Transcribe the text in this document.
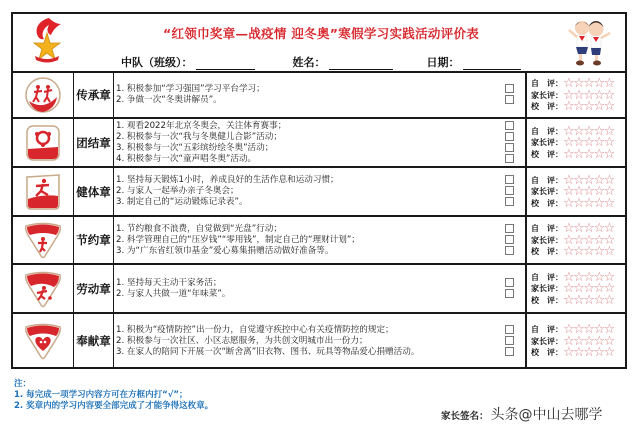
“红领巾奖章—战疫情 迎冬奥”寒假学习实践活动评价表
中队（班级）：	姓名：	日期：
传承章 1. 积极参加“学习强国”学习平台学习；
2. 争做一次“冬奥讲解员”。
自　评： ☆☆☆☆☆
家长评： ☆☆☆☆☆
校　评： ☆☆☆☆☆
团结章
1. 观看2022年北京冬奥会，关注体育赛事；
2. 积极参与一次“我与冬奥健儿合影”活动；
3. 积极参与一次“五彩缤纷绘冬奥”活动；
4. 积极参与一次“童声唱冬奥”活动。
自　评： ☆☆☆☆☆
家长评： ☆☆☆☆☆
校　评： ☆☆☆☆☆
健体章
1. 坚持每天锻炼1小时，养成良好的生活作息和运动习惯；
2. 与家人一起举办亲子冬奥会；
3. 制定自己的“运动锻炼记录表”。
自　评： ☆☆☆☆☆
家长评： ☆☆☆☆☆
校　评： ☆☆☆☆☆
节约章
1. 节约粮食不浪费，自觉做到“光盘”行动；
2. 科学管理自己的“压岁钱”“零用钱”，制定自己的“理财计划”；
3. 为“广东省红领巾基金”爱心募集捐赠活动做好准备等。
自　评： ☆☆☆☆☆
家长评： ☆☆☆☆☆
校　评： ☆☆☆☆☆
劳动章 1. 坚持每天主动干家务活；
2. 与家人共做一道“年味菜”。
自　评： ☆☆☆☆☆
家长评： ☆☆☆☆☆
校　评： ☆☆☆☆☆
奉献章
1. 积极为“疫情防控”出一份力，自觉遵守疾控中心有关疫情防控的规定；
2. 积极参与一次社区、小区志愿服务，为共创文明城市出一份力；
3. 在家人的陪同下开展一次“断舍离”旧衣物、图书、玩具等物品爱心捐赠活动。
自　评： ☆☆☆☆☆
家长评： ☆☆☆☆☆
校　评： ☆☆☆☆☆
注：
1. 每完成一项学习内容方可在方框内打“√”；
2. 奖章内的学习内容要全部完成了才能争得这枚章。
家长签名： 头条@中山去哪学
